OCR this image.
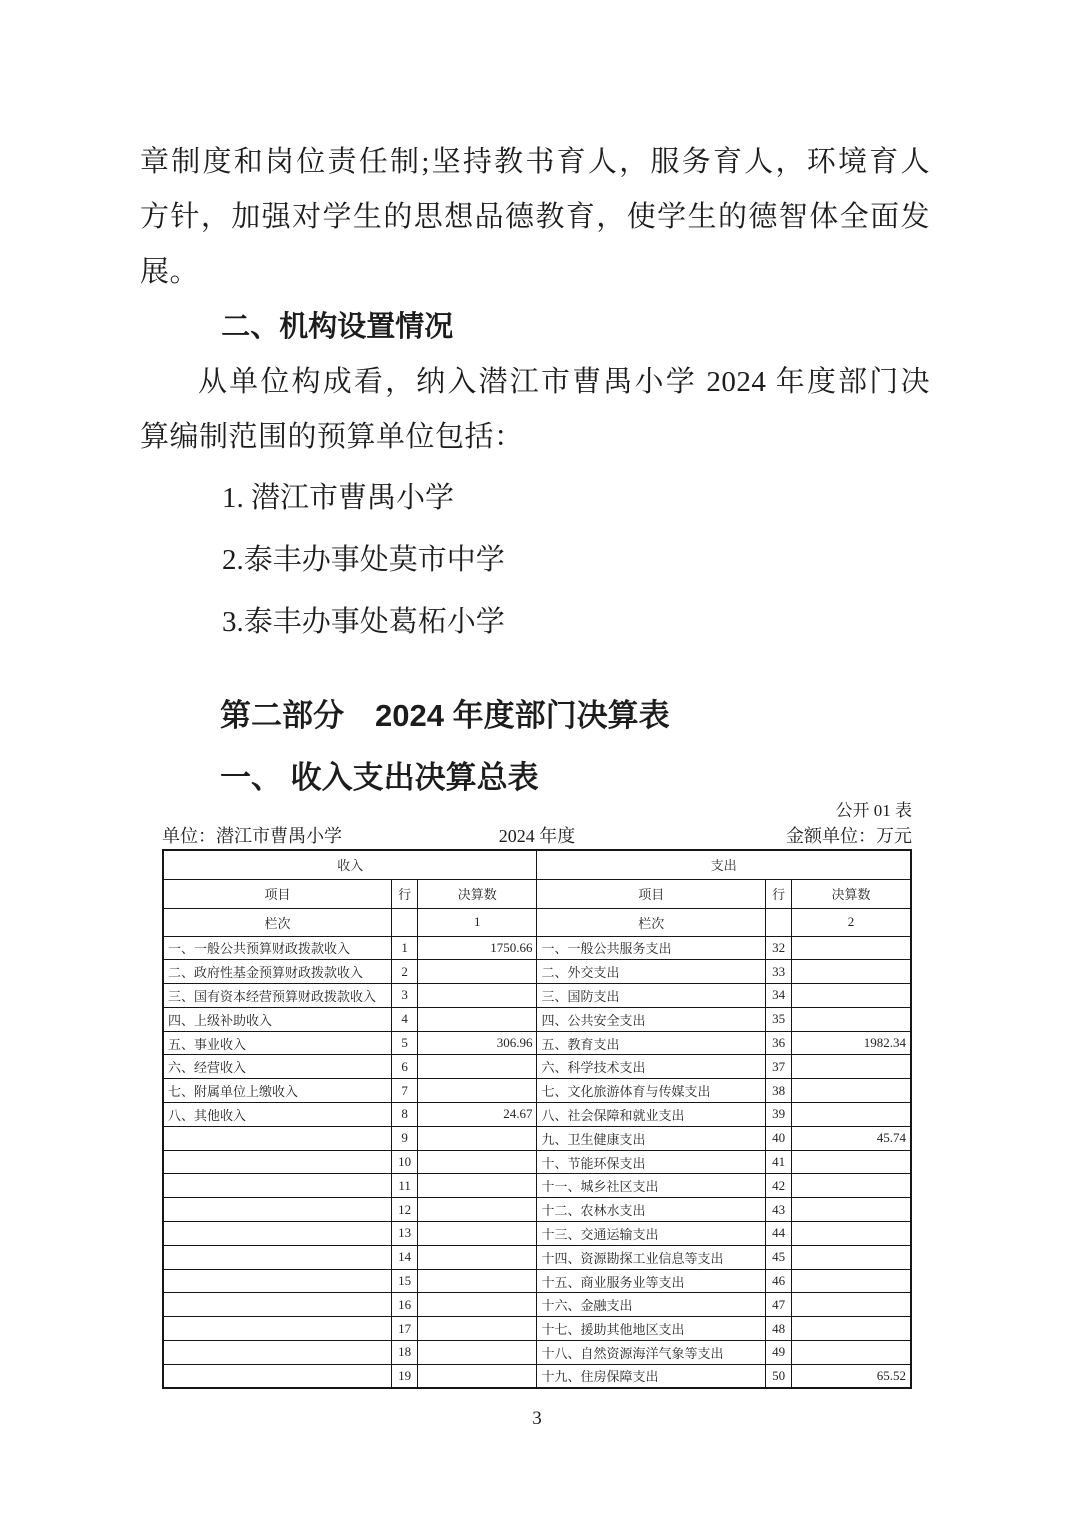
章制度和岗位责任制;坚持教书育人，服务育人，环境育人
方针，加强对学生的思想品德教育，使学生的德智体全面发
展。
二、机构设置情况
从单位构成看，纳入潜江市曹禺小学 2024 年度部门决
算编制范围的预算单位包括：
1. 潜江市曹禺小学
2.泰丰办事处莫市中学
3.泰丰办事处葛柘小学
第二部分　2024 年度部门决算表
一、 收入支出决算总表
公开 01 表
单位：潜江市曹禺小学	2024 年度	金额单位：万元
收入			支出		
项目	行	决算数	项目	行	决算数
栏次		1	栏次		2
一、一般公共预算财政拨款收入	1	1750.66	一、一般公共服务支出	32	
二、政府性基金预算财政拨款收入	2		二、外交支出	33	
三、国有资本经营预算财政拨款收入	3		三、国防支出	34	
四、上级补助收入	4		四、公共安全支出	35	
五、事业收入	5	306.96	五、教育支出	36	1982.34
六、经营收入	6		六、科学技术支出	37	
七、附属单位上缴收入	7		七、文化旅游体育与传媒支出	38	
八、其他收入	8	24.67	八、社会保障和就业支出	39	
	9		九、卫生健康支出	40	45.74
	10		十、节能环保支出	41	
	11		十一、城乡社区支出	42	
	12		十二、农林水支出	43	
	13		十三、交通运输支出	44	
	14		十四、资源勘探工业信息等支出	45	
	15		十五、商业服务业等支出	46	
	16		十六、金融支出	47	
	17		十七、援助其他地区支出	48	
	18		十八、自然资源海洋气象等支出	49	
	19		十九、住房保障支出	50	65.52
3
